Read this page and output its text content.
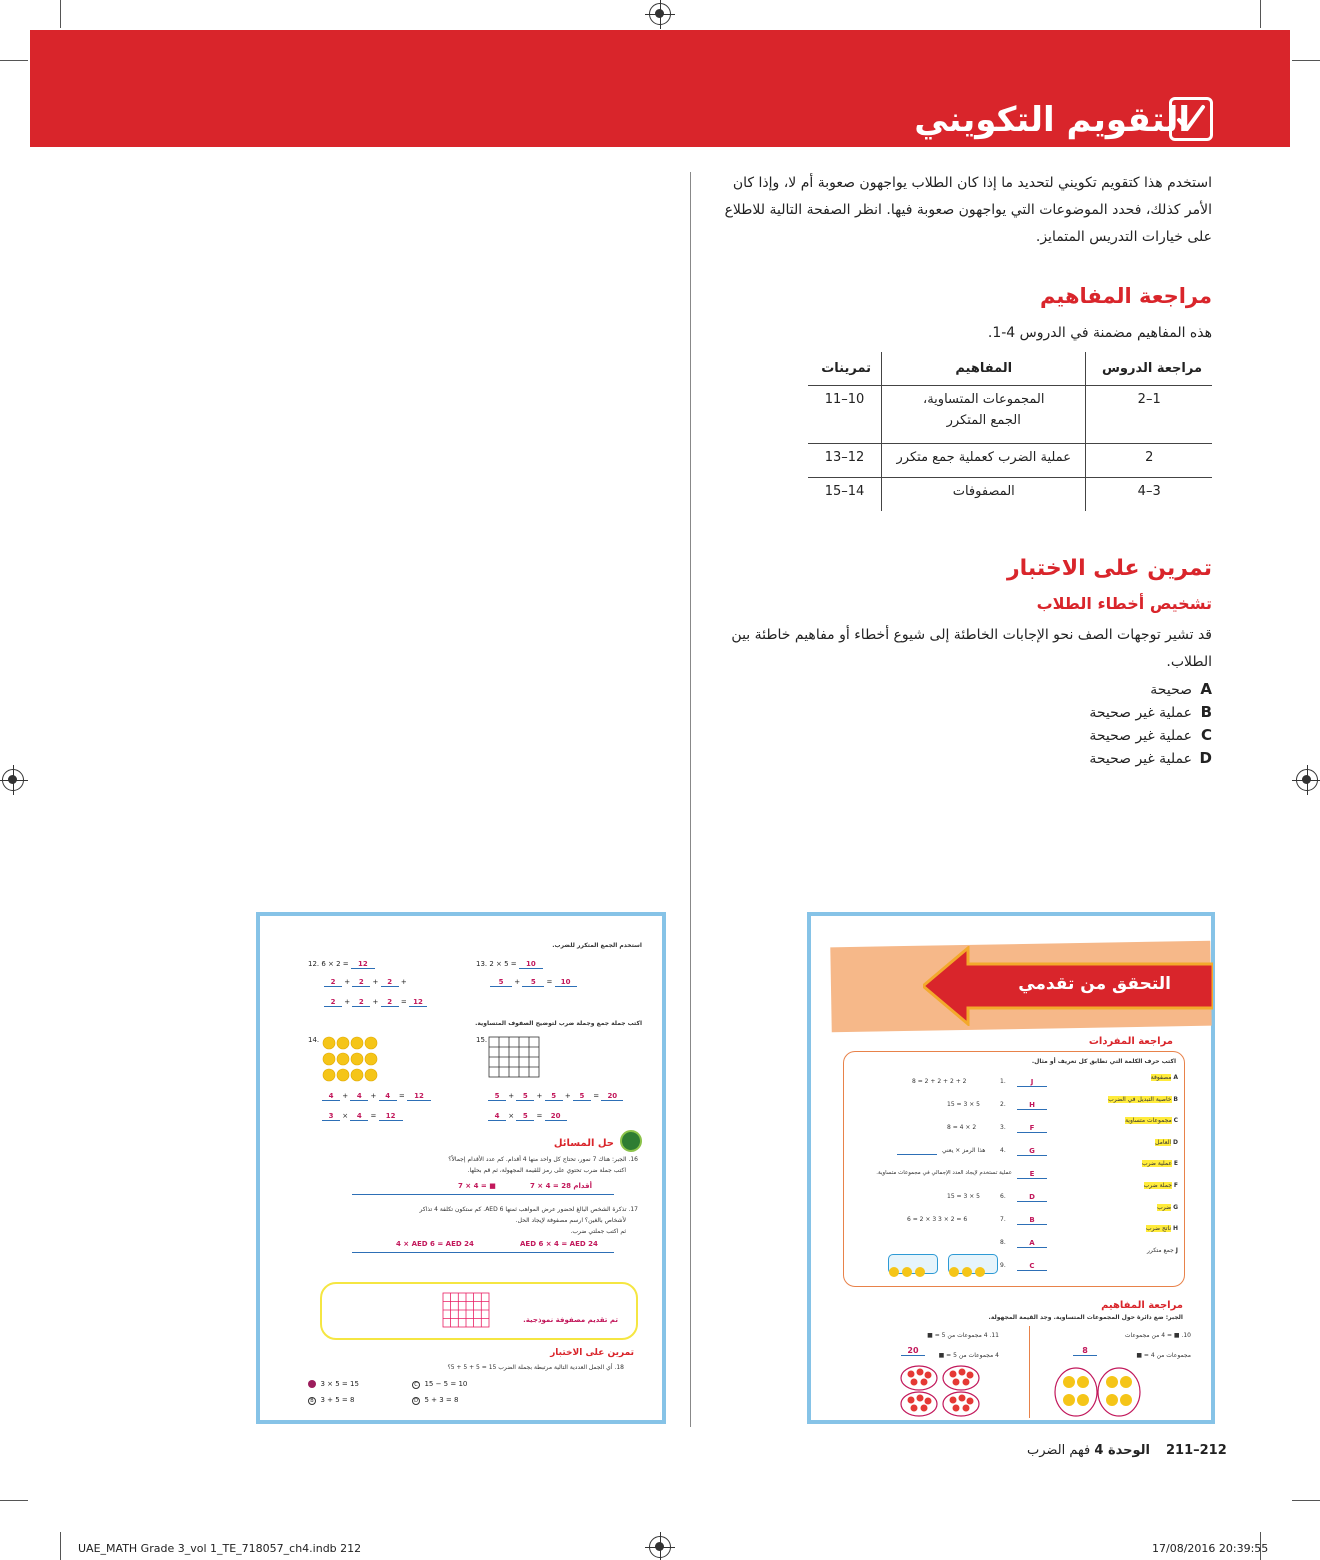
التقويم التكويني
استخدم هذا كتقويم تكويني لتحديد ما إذا كان الطلاب يواجهون صعوبة أم لا، وإذا كان
الأمر كذلك، فحدد الموضوعات التي يواجهون صعوبة فيها. انظر الصفحة التالية للاطلاع
على خيارات التدريس المتمايز.
مراجعة المفاهيم
هذه المفاهيم مضمنة في الدروس 4-1.
مراجعة الدروس	المفاهيم	تمرينات
1–2	المجموعات المتساوية،
الجمع المتكرر	10–11
2	عملية الضرب كعملية جمع متكرر	12–13
3–4	المصفوفات	14–15
تمرين على الاختبار
تشخيص أخطاء الطلاب
قد تشير توجهات الصف نحو الإجابات الخاطئة إلى شيوع أخطاء أو مفاهيم خاطئة بين
الطلاب.
Aصحيحة
Bعملية غير صحيحة
Cعملية غير صحيحة
Dعملية غير صحيحة
التحقق من تقدمي
مراجعة المفردات
اكتب حرف الكلمة التي تطابق كل تعريف أو مثال.
A مصفوفة
B خاصية التبديل في الضرب
C مجموعات متساوية
D العامل
E عملية ضرب
F جملة ضرب
G ضرب
H ناتج ضرب
J جمع متكرر
J
8 = 2 + 2 + 2 + 2	1.
H
15 = 3 × 5	2.
F
8 = 4 × 2	3.
G
هذا الرمز × يعني 4.
E
عملية تستخدم لإيجاد العدد الإجمالي في مجموعات متساوية.
D
15 = 3 × 5	6.
B
6 = 2 × 3 3 × 2 = 6	7.
A
8.
C
9.
مراجعة المفاهيم
الجبر: ضع دائرة حول المجموعات المتساوية. وجد القيمة المجهولة.
10. ■ = 4 من مجموعات
مجموعات من 4 = ■
8
11. 4 مجموعات من 5 = ■
4 مجموعات من 5 = ■
20
استخدم الجمع المتكرر للضرب.
13. 2 × 5 = 10
5 + 5 = 10
12. 6 × 2 = 12
2 + 2 + 2 +
2 + 2 + 2 = 12
اكتب جملة جمع وجملة ضرب لتوضيح الصفوف المتساوية.
14.
4 + 4 + 4 = 12
3 × 4 = 12
15.
5 + 5 + 5 + 5 = 20
4 × 5 = 20
حل المسائل
16. الجبر: هناك 7 نمور، تحتاج كل واحد منها 4 أقدام. كم عدد الأقدام إجمالاً؟
اكتب جملة ضرب تحتوي على رمز للقيمة المجهولة، ثم قم بحلها.
7 × 4 = ■	7 × 4 = 28 أقدام
17. تذكرة الشخص البالغ لحضور عرض المواهب ثمنها AED 6. كم ستكون تكلفة 4 تذاكر
لأشخاص بالغين؟ ارسم مصفوفة لإيجاد الحل.
ثم اكتب جملتي ضرب.
4 × AED 6 = AED 24	AED 6 × 4 = AED 24
تم تقديم مصفوفة نموذجية.
تمرين على الاختبار
18. أي الجمل العددية التالية مرتبطة بجملة الضرب 15 = 5 + 5 + 5؟
3 × 5 = 15	C 15 − 5 = 10
B 3 + 5 = 8	D 5 + 3 = 8
211–212
الوحدة 4 فهم الضرب
UAE_MATH Grade 3_vol 1_TE_718057_ch4.indb 212	17/08/2016 20:39:55
